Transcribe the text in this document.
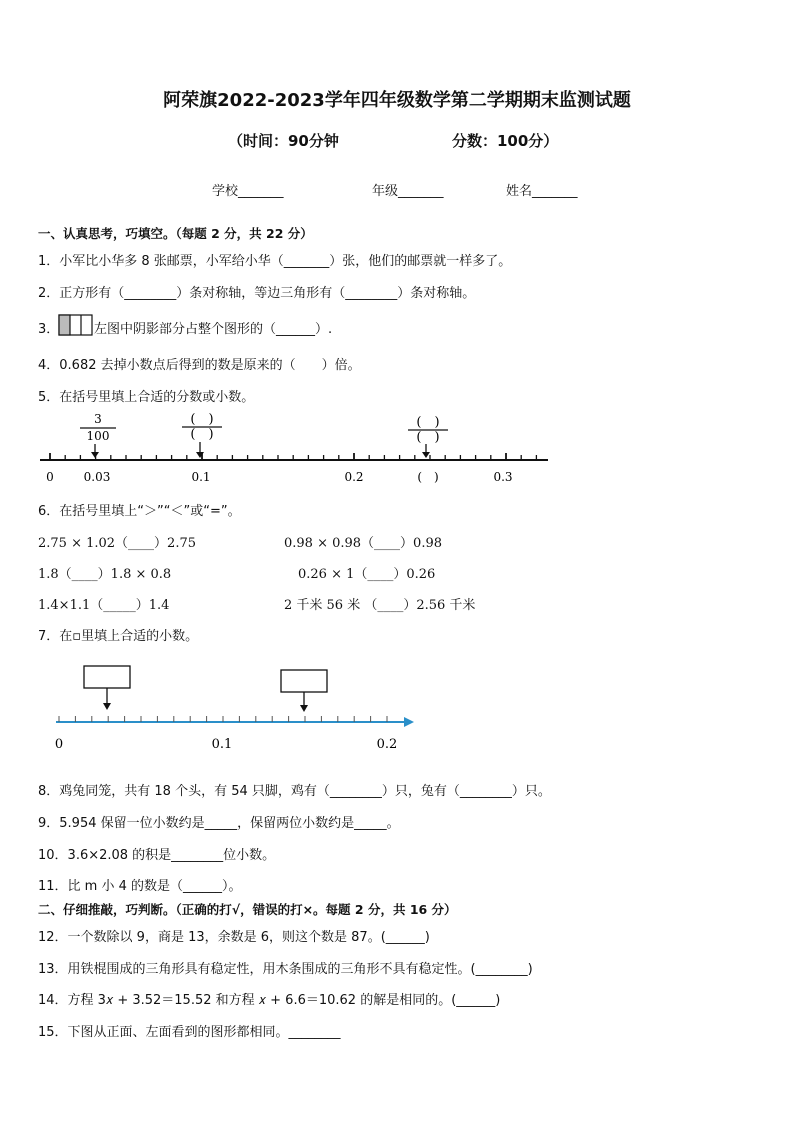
阿荣旗2022-2023学年四年级数学第二学期期末监测试题
（时间：90分钟	分数：100分）
学校_______	年级_______	姓名_______
一、认真思考，巧填空。（每题 2 分，共 22 分）
1．小军比小华多 8 张邮票，小军给小华（_______）张，他们的邮票就一样多了。
2．正方形有（________）条对称轴，等边三角形有（________）条对称轴。
3．	左图中阴影部分占整个图形的（______）.
4．0.682 去掉小数点后得到的数是原来的（　　）倍。
5．在括号里填上合适的分数或小数。
3
100
(　)
(　)
(　)
(　)
0 0.03	0.1	0.2	(　)	0.3
6．在括号里填上“＞”“＜”或“=”。
2.75 × 1.02（____）2.75	0.98 × 0.98（____）0.98
1.8（____）1.8 × 0.8	0.26 × 1（____）0.26
1.4×1.1（_____）1.4	2 千米 56 米 （____）2.56 千米
7．在▫里填上合适的小数。
0	0.1	0.2
8．鸡兔同笼，共有 18 个头，有 54 只脚，鸡有（________）只，兔有（________）只。
9．5.954 保留一位小数约是_____，保留两位小数约是_____。
10．3.6×2.08 的积是________位小数。
11．比 m 小 4 的数是（______）。
二、仔细推敲，巧判断。（正确的打√，错误的打×。每题 2 分，共 16 分）
12．一个数除以 9，商是 13，余数是 6，则这个数是 87。(______)
13．用铁棍围成的三角形具有稳定性，用木条围成的三角形不具有稳定性。(________)
14．方程 3𝑥 + 3.52＝15.52 和方程 𝑥 + 6.6＝10.62 的解是相同的。(______)
15．下图从正面、左面看到的图形都相同。________
